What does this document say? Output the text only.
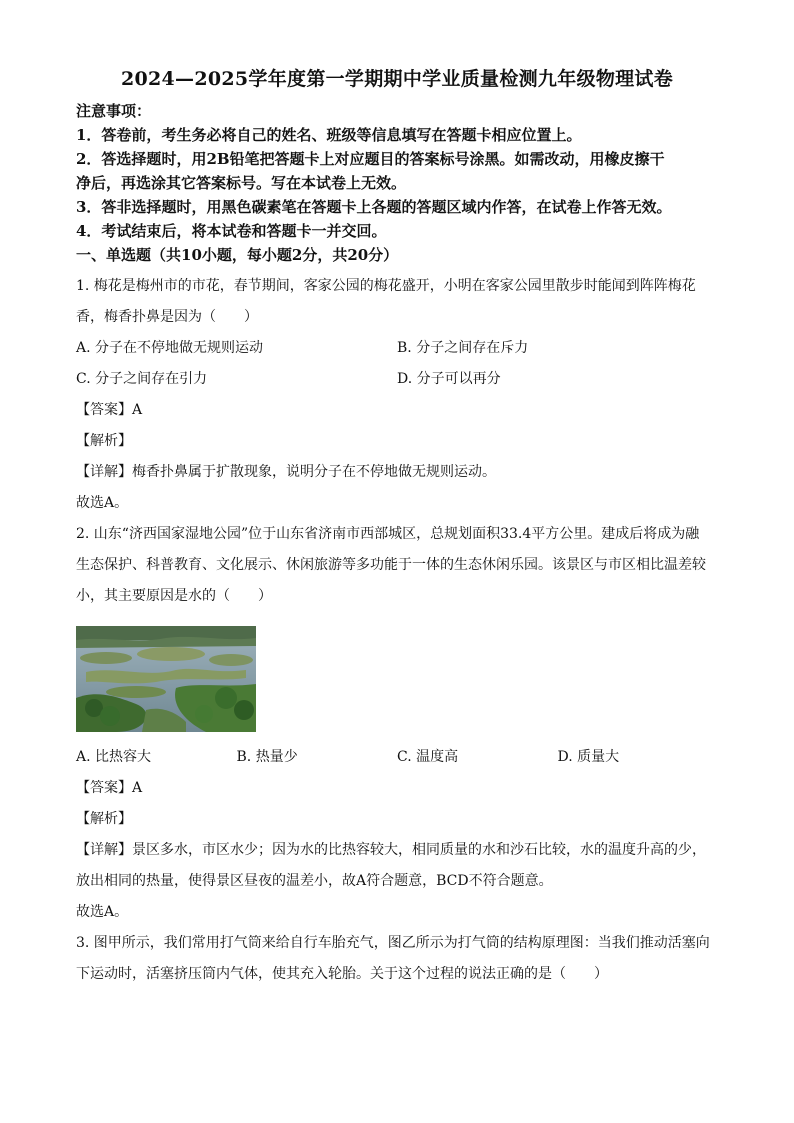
2024—2025学年度第一学期期中学业质量检测九年级物理试卷
注意事项：
1．答卷前，考生务必将自己的姓名、班级等信息填写在答题卡相应位置上。
2．答选择题时，用2B铅笔把答题卡上对应题目的答案标号涂黑。如需改动，用橡皮擦干
净后，再选涂其它答案标号。写在本试卷上无效。
3．答非选择题时，用黑色碳素笔在答题卡上各题的答题区域内作答，在试卷上作答无效。
4．考试结束后，将本试卷和答题卡一并交回。
一、单选题（共10小题，每小题2分，共20分）

1. 梅花是梅州市的市花，春节期间，客家公园的梅花盛开，小明在客家公园里散步时能闻到阵阵梅花

香，梅香扑鼻是因为（　　）

A. 分子在不停地做无规则运动	B. 分子之间存在斥力
C. 分子之间存在引力	D. 分子可以再分
【答案】A
【解析】
【详解】梅香扑鼻属于扩散现象，说明分子在不停地做无规则运动。
故选A。

2. 山东“济西国家湿地公园”位于山东省济南市西部城区，总规划面积33.4平方公里。建成后将成为融

生态保护、科普教育、文化展示、休闲旅游等多功能于一体的生态休闲乐园。该景区与市区相比温差较

小，其主要原因是水的（　　）

A. 比热容大	B. 热量少	C. 温度高	D. 质量大
【答案】A
【解析】
【详解】景区多水，市区水少；因为水的比热容较大，相同质量的水和沙石比较，水的温度升高的少，
放出相同的热量，使得景区昼夜的温差小，故A符合题意，BCD不符合题意。
故选A。

3. 图甲所示，我们常用打气筒来给自行车胎充气，图乙所示为打气筒的结构原理图：当我们推动活塞向

下运动时，活塞挤压筒内气体，使其充入轮胎。关于这个过程的说法正确的是（　　）
